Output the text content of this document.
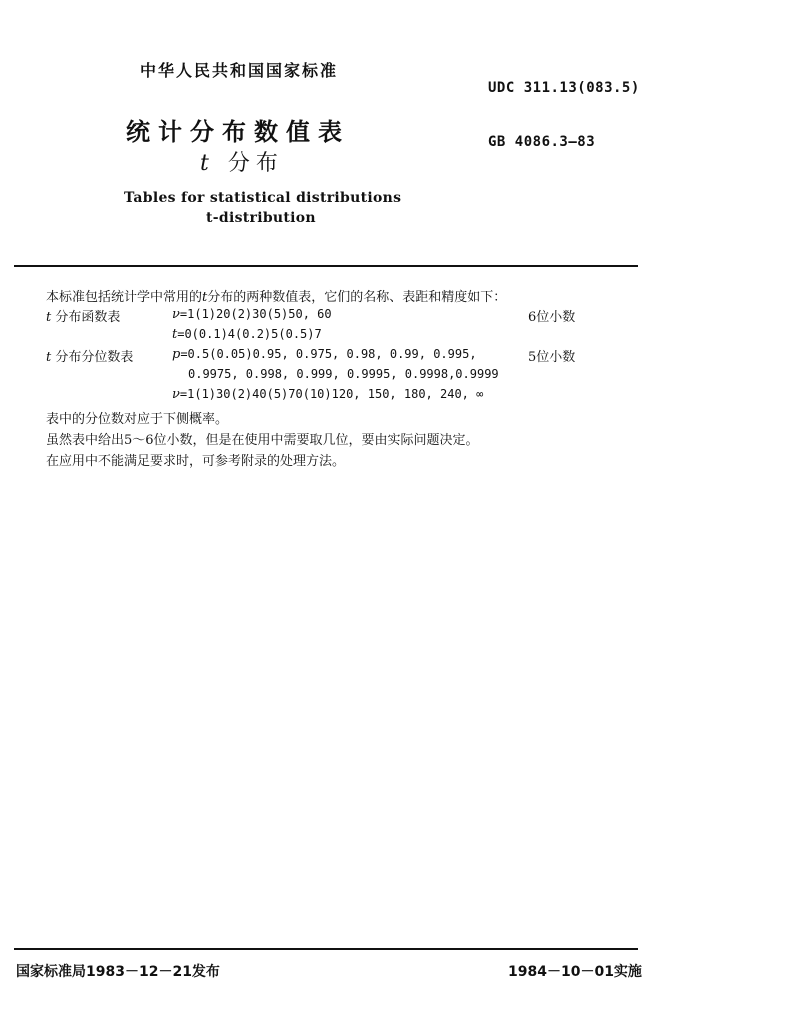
中华人民共和国国家标准
UDC 311.13(083.5)
统计分布数值表	GB 4086.3—83
t 分布
Tables for statistical distributions
t-distribution
本标准包括统计学中常用的t分布的两种数值表，它们的名称、表距和精度如下：
t 分布函数表	ν=1(1)20(2)30(5)50, 60	6位小数
t=0(0.1)4(0.2)5(0.5)7
t 分布分位数表	p=0.5(0.05)0.95, 0.975, 0.98, 0.99, 0.995,	5位小数
0.9975, 0.998, 0.999, 0.9995, 0.9998,0.9999
ν=1(1)30(2)40(5)70(10)120, 150, 180, 240, ∞
表中的分位数对应于下侧概率。
虽然表中给出5～6位小数，但是在使用中需要取几位，要由实际问题决定。
在应用中不能满足要求时，可参考附录的处理方法。
国家标准局1983－12－21发布	1984－10－01实施
